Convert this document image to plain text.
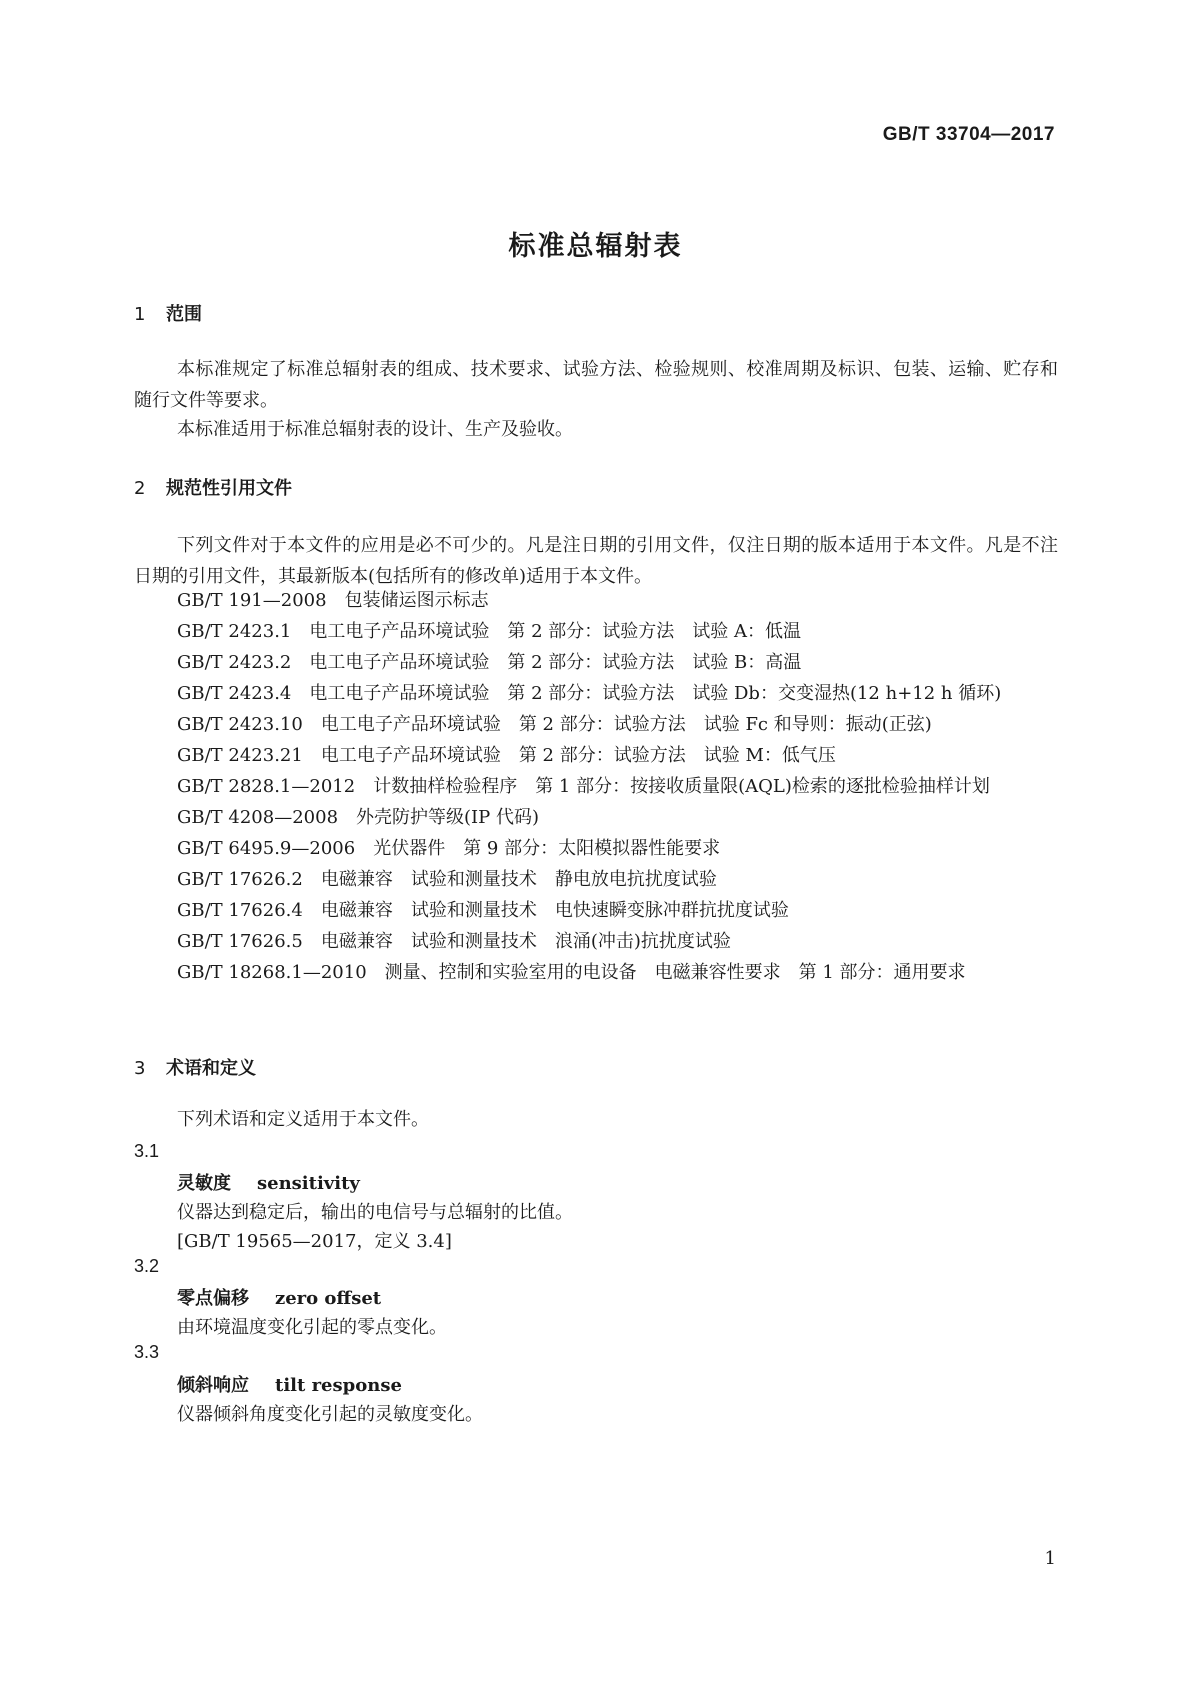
GB/T 33704—2017
标准总辐射表
1 范围

本标准规定了标准总辐射表的组成、技术要求、试验方法、检验规则、校准周期及标识、包装、运输、贮存和随行文件等要求。

本标准适用于标准总辐射表的设计、生产及验收。

2 规范性引用文件

下列文件对于本文件的应用是必不可少的。凡是注日期的引用文件，仅注日期的版本适用于本文件。凡是不注日期的引用文件，其最新版本(包括所有的修改单)适用于本文件。

GB/T 191—2008　包装储运图示标志
GB/T 2423.1　电工电子产品环境试验　第 2 部分：试验方法　试验 A：低温
GB/T 2423.2　电工电子产品环境试验　第 2 部分：试验方法　试验 B：高温
GB/T 2423.4　电工电子产品环境试验　第 2 部分：试验方法　试验 Db：交变湿热(12 h+12 h 循环)
GB/T 2423.10　电工电子产品环境试验　第 2 部分：试验方法　试验 Fc 和导则：振动(正弦)
GB/T 2423.21　电工电子产品环境试验　第 2 部分：试验方法　试验 M：低气压
GB/T 2828.1—2012　计数抽样检验程序　第 1 部分：按接收质量限(AQL)检索的逐批检验抽样计划
GB/T 4208—2008　外壳防护等级(IP 代码)
GB/T 6495.9—2006　光伏器件　第 9 部分：太阳模拟器性能要求
GB/T 17626.2　电磁兼容　试验和测量技术　静电放电抗扰度试验
GB/T 17626.4　电磁兼容　试验和测量技术　电快速瞬变脉冲群抗扰度试验
GB/T 17626.5　电磁兼容　试验和测量技术　浪涌(冲击)抗扰度试验
GB/T 18268.1—2010　测量、控制和实验室用的电设备　电磁兼容性要求　第 1 部分：通用要求
3 术语和定义

下列术语和定义适用于本文件。

3.1
灵敏度 sensitivity
仪器达到稳定后，输出的电信号与总辐射的比值。
[GB/T 19565—2017，定义 3.4]
3.2
零点偏移 zero offset
由环境温度变化引起的零点变化。
3.3
倾斜响应 tilt response
仪器倾斜角度变化引起的灵敏度变化。
1
